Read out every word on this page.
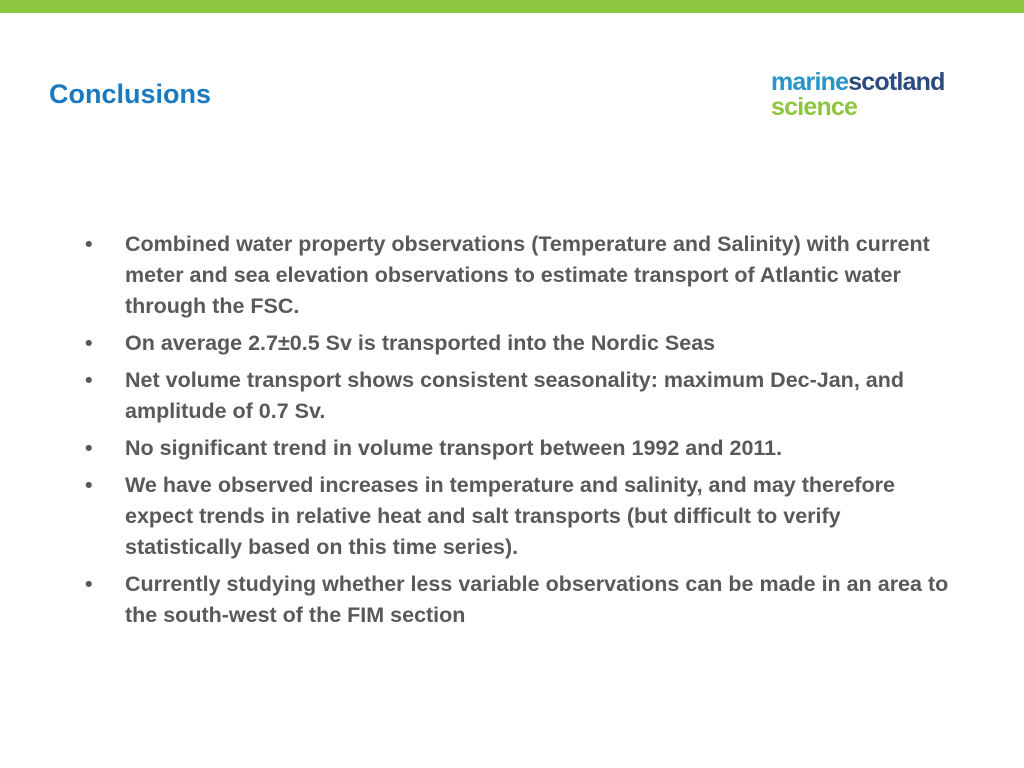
Conclusions	marinescotland
science
• Combined water property observations (Temperature and Salinity) with current meter and sea elevation observations to estimate transport of Atlantic water through the FSC.
• On average 2.7±0.5 Sv is transported into the Nordic Seas
• Net volume transport shows consistent seasonality: maximum Dec-Jan, and amplitude of 0.7 Sv.
• No significant trend in volume transport between 1992 and 2011.
• We have observed increases in temperature and salinity, and may therefore expect trends in relative heat and salt transports (but difficult to verify statistically based on this time series).
• Currently studying whether less variable observations can be made in an area to the south-west of the FIM section
